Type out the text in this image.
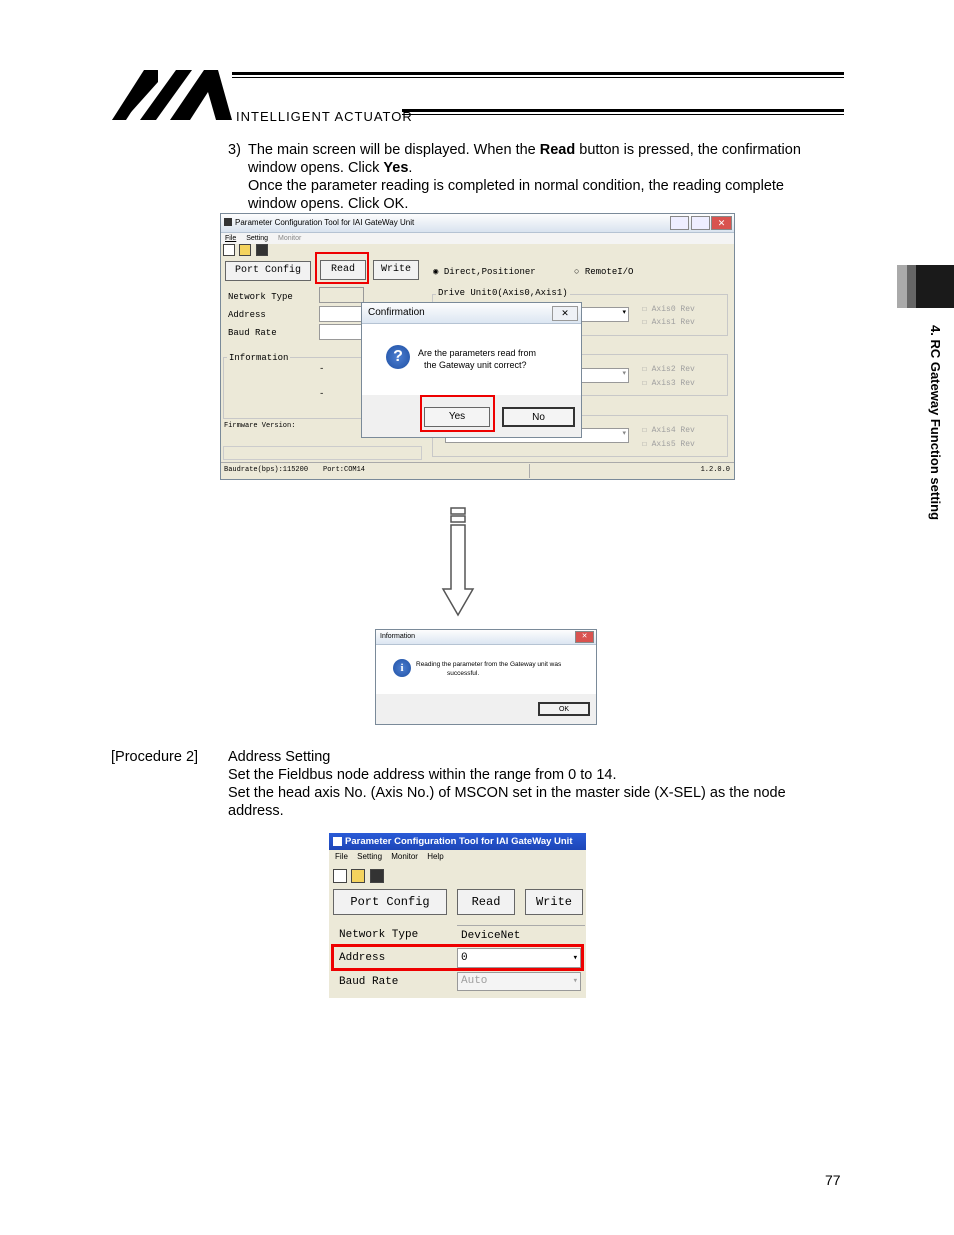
INTELLIGENT ACTUATOR
4. RC Gateway Function setting
3) The main screen will be displayed. When the Read button is pressed, the confirmation
window opens. Click Yes.
Once the parameter reading is completed in normal condition, the reading complete
window opens. Click OK.
Parameter Configuration Tool for IAI GateWay Unit	✕
File Setting Monitor

Port Config	Read	Write	◉ Direct,Positioner	○ RemoteI/O
Network Type
Address
Baud Rate
Information
-
-
Firmware Version:
Drive Unit0(Axis0,Axis1)
▾ ☐ Axis0 Rev
☐ Axis1 Rev
▾ ☐ Axis2 Rev
☐ Axis3 Rev
▾ ☐ Axis4 Rev
☐ Axis5 Rev
Baudrate(bps):115200 Port:COM14	1.2.0.0
Confirmation	✕
?	Are the parameters read from
the Gateway unit correct?
Yes	No
Information	✕
i	Reading the parameter from the Gateway unit was
successful.
OK
[Procedure 2] Address Setting
Set the Fieldbus node address within the range from 0 to 14.
Set the head axis No. (Axis No.) of MSCON set in the master side (X-SEL) as the node
address.
Parameter Configuration Tool for IAI GateWay Unit
File Setting Monitor Help

Port Config	Read	Write
Network Type	DeviceNet
Address	0	▾
Baud Rate	Auto	▾
77
